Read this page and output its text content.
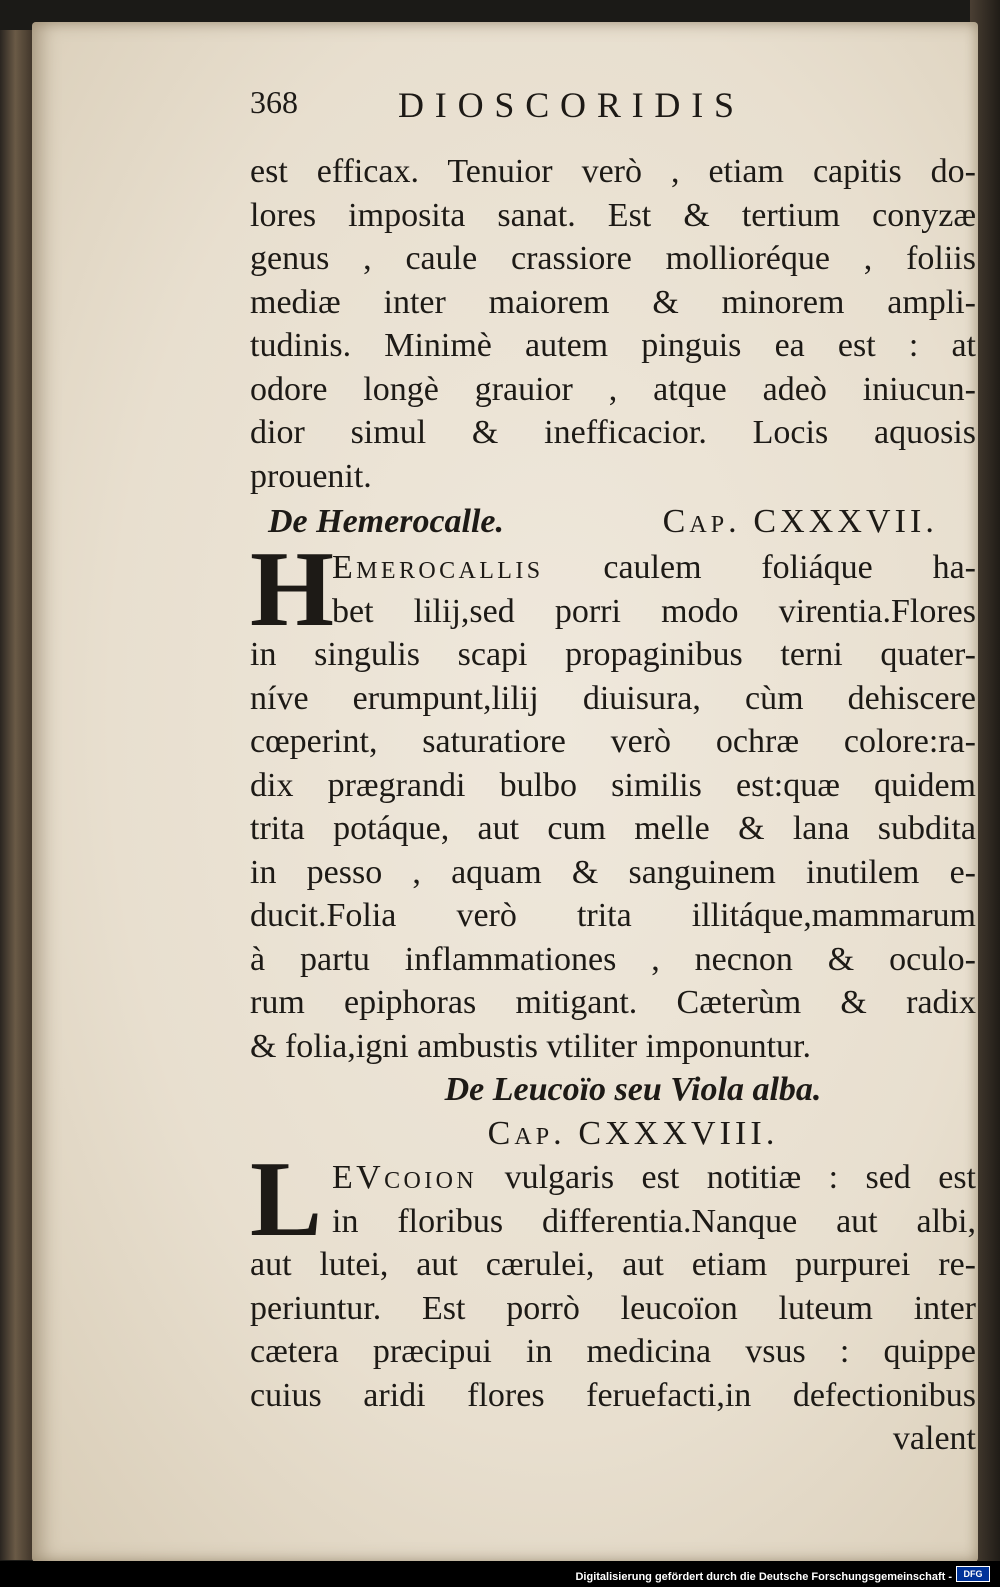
368	DIOSCORIDIS
est efficax. Tenuior verò , etiam capitis do-
lores imposita sanat. Est & tertium conyzæ
genus , caule crassiore mollioréque , foliis
mediæ inter maiorem & minorem ampli-
tudinis. Minimè autem pinguis ea est : at
odore longè grauior , atque adeò iniucun-
dior simul & inefficacior. Locis aquosis
prouenit.
De Hemerocalle.	Cap. CXXXVII.
H
Emerocallis caulem foliáque ha-
bet lilij,sed porri modo virentia.Flores
in singulis scapi propaginibus terni quater-
níve erumpunt,lilij diuisura, cùm dehiscere
cœperint, saturatiore verò ochræ colore:ra-
dix prægrandi bulbo similis est:quæ quidem
trita potáque, aut cum melle & lana subdita
in pesso , aquam & sanguinem inutilem e-
ducit.Folia verò trita illitáque,mammarum
à partu inflammationes , necnon & oculo-
rum epiphoras mitigant. Cæterùm & radix
& folia,igni ambustis vtiliter imponuntur.
De Leucoïo seu Viola alba.
Cap. CXXXVIII.
L EVcoion vulgaris est notitiæ : sed est
in floribus differentia.Nanque aut albi,
aut lutei, aut cærulei, aut etiam purpurei re-
periuntur. Est porrò leucoïon luteum inter
cætera præcipui in medicina vsus : quippe
cuius aridi flores feruefacti,in defectionibus
valent
Digitalisierung gefördert durch die Deutsche Forschungsgemeinschaft -	DFG
